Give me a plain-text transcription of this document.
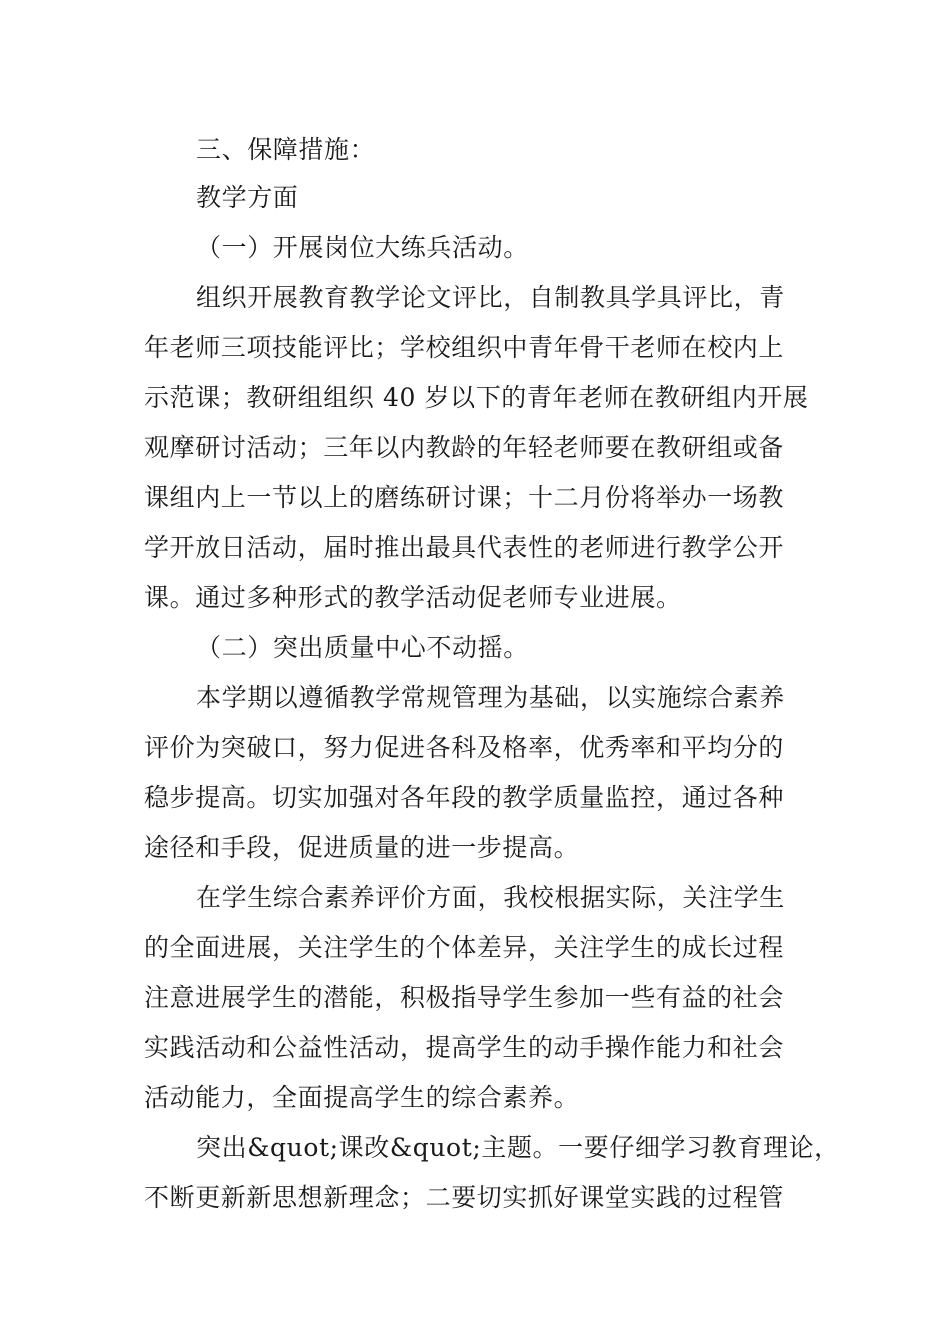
三、保障措施：
教学方面
（一）开展岗位大练兵活动。
组织开展教育教学论文评比，自制教具学具评比，青
年老师三项技能评比；学校组织中青年骨干老师在校内上
示范课；教研组组织 40 岁以下的青年老师在教研组内开展
观摩研讨活动；三年以内教龄的年轻老师要在教研组或备
课组内上一节以上的磨练研讨课；十二月份将举办一场教
学开放日活动，届时推出最具代表性的老师进行教学公开
课。通过多种形式的教学活动促老师专业进展。
（二）突出质量中心不动摇。
本学期以遵循教学常规管理为基础，以实施综合素养
评价为突破口，努力促进各科及格率，优秀率和平均分的
稳步提高。切实加强对各年段的教学质量监控，通过各种
途径和手段，促进质量的进一步提高。
在学生综合素养评价方面，我校根据实际，关注学生
的全面进展，关注学生的个体差异，关注学生的成长过程
注意进展学生的潜能，积极指导学生参加一些有益的社会
实践活动和公益性活动，提高学生的动手操作能力和社会
活动能力，全面提高学生的综合素养。
突出&quot;课改&quot;主题。一要仔细学习教育理论，
不断更新新思想新理念；二要切实抓好课堂实践的过程管
